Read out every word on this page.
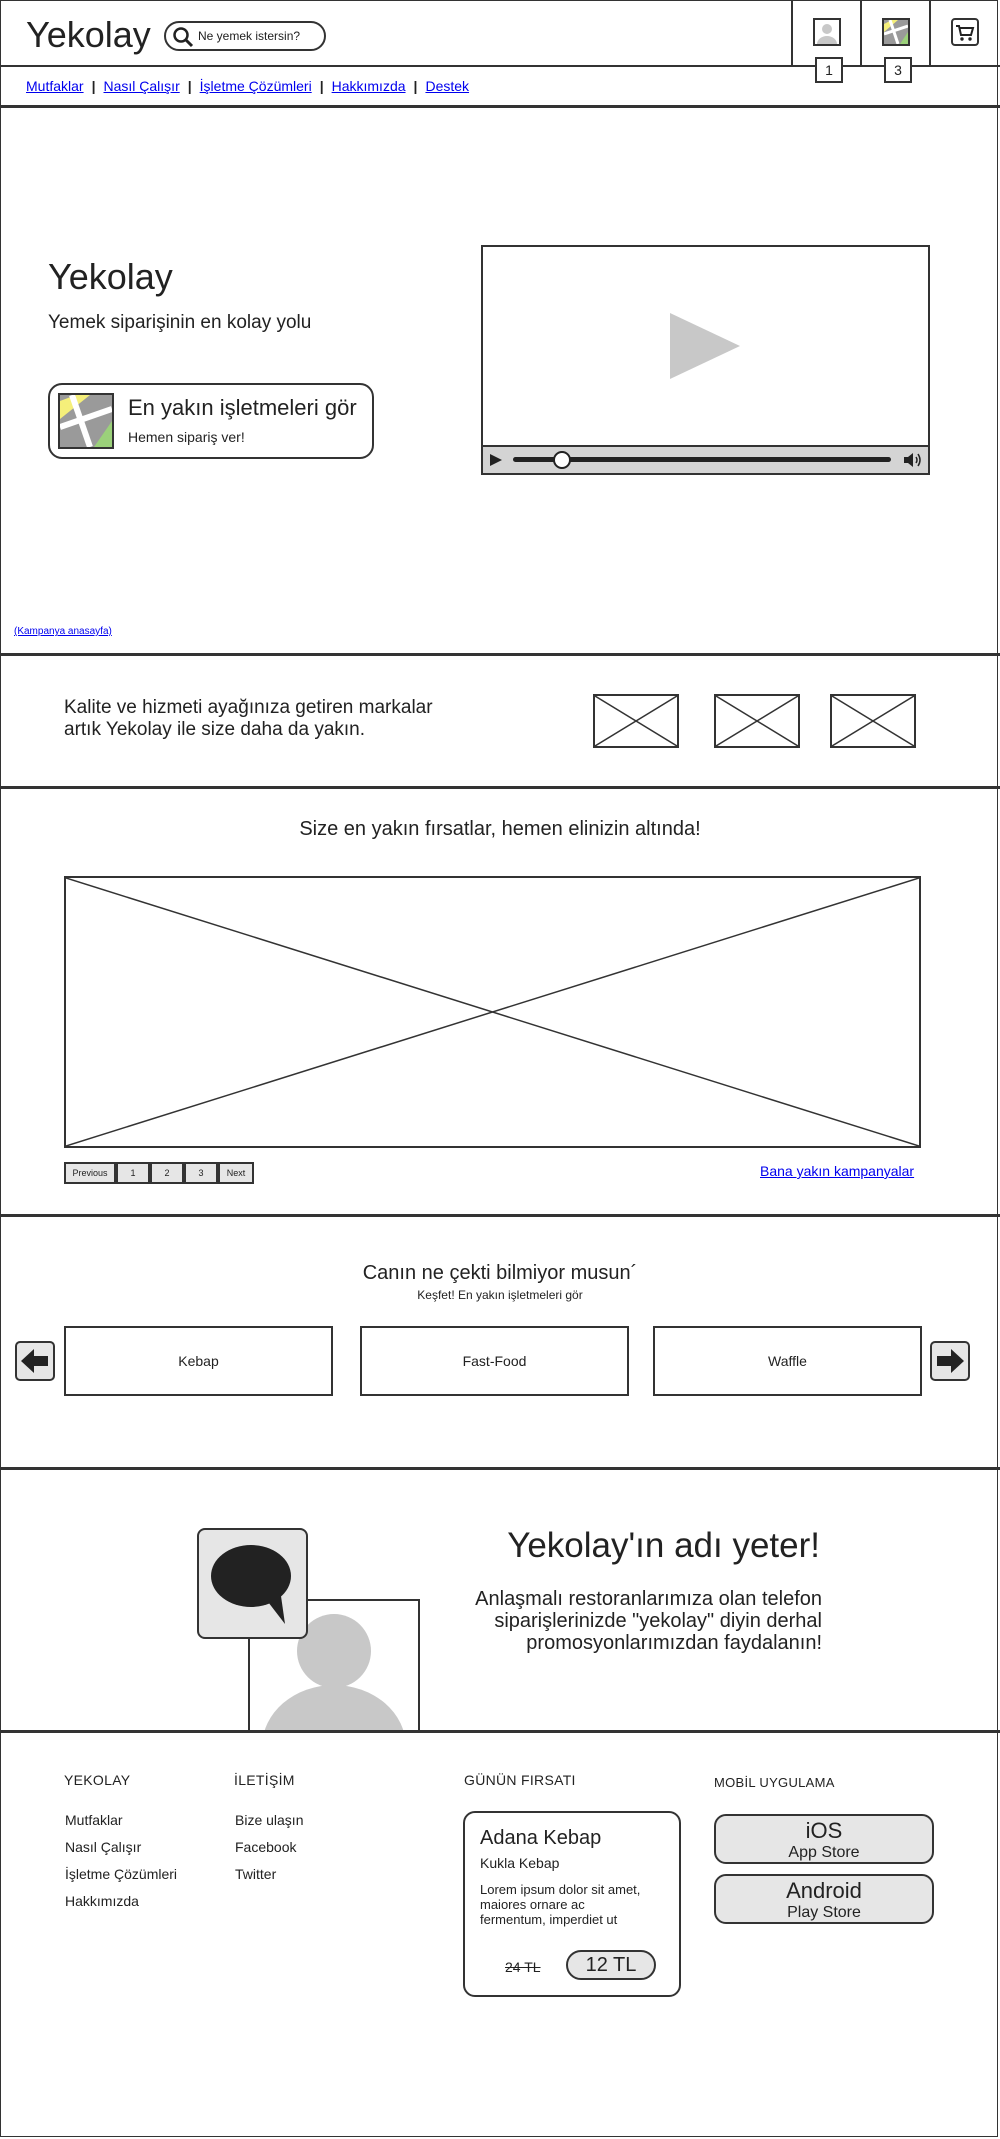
Yekolay	Ne yemek istersin?
1	3
Mutfaklar | Nasıl Çalışır | İşletme Çözümleri | Hakkımızda | Destek
Yekolay
Yemek siparişinin en kolay yolu
En yakın işletmeleri gör
Hemen sipariş ver!
(Kampanya anasayfa)
Kalite ve hizmeti ayağınıza getiren markalar
artık Yekolay ile size daha da yakın.
Size en yakın fırsatlar, hemen elinizin altında!
Previous	1	2	3	Next	Bana yakın kampanyalar
Canın ne çekti bilmiyor musun´
Keşfet! En yakın işletmeleri gör
Kebap	Fast-Food	Waffle
Yekolay'ın adı yeter!
Anlaşmalı restoranlarımıza olan telefon
siparişlerinizde "yekolay" diyin derhal
promosyonlarımızdan faydalanın!
YEKOLAY
Mutfaklar
Nasıl Çalışır
İşletme Çözümleri
Hakkımızda
İLETİŞİM
Bize ulaşın
Facebook
Twitter
GÜNÜN FIRSATI
Adana Kebap
Kukla Kebap
Lorem ipsum dolor sit amet,
maiores ornare ac
fermentum, imperdiet ut
24 TL	12 TL
MOBİL UYGULAMA
iOS
App Store
Android
Play Store
